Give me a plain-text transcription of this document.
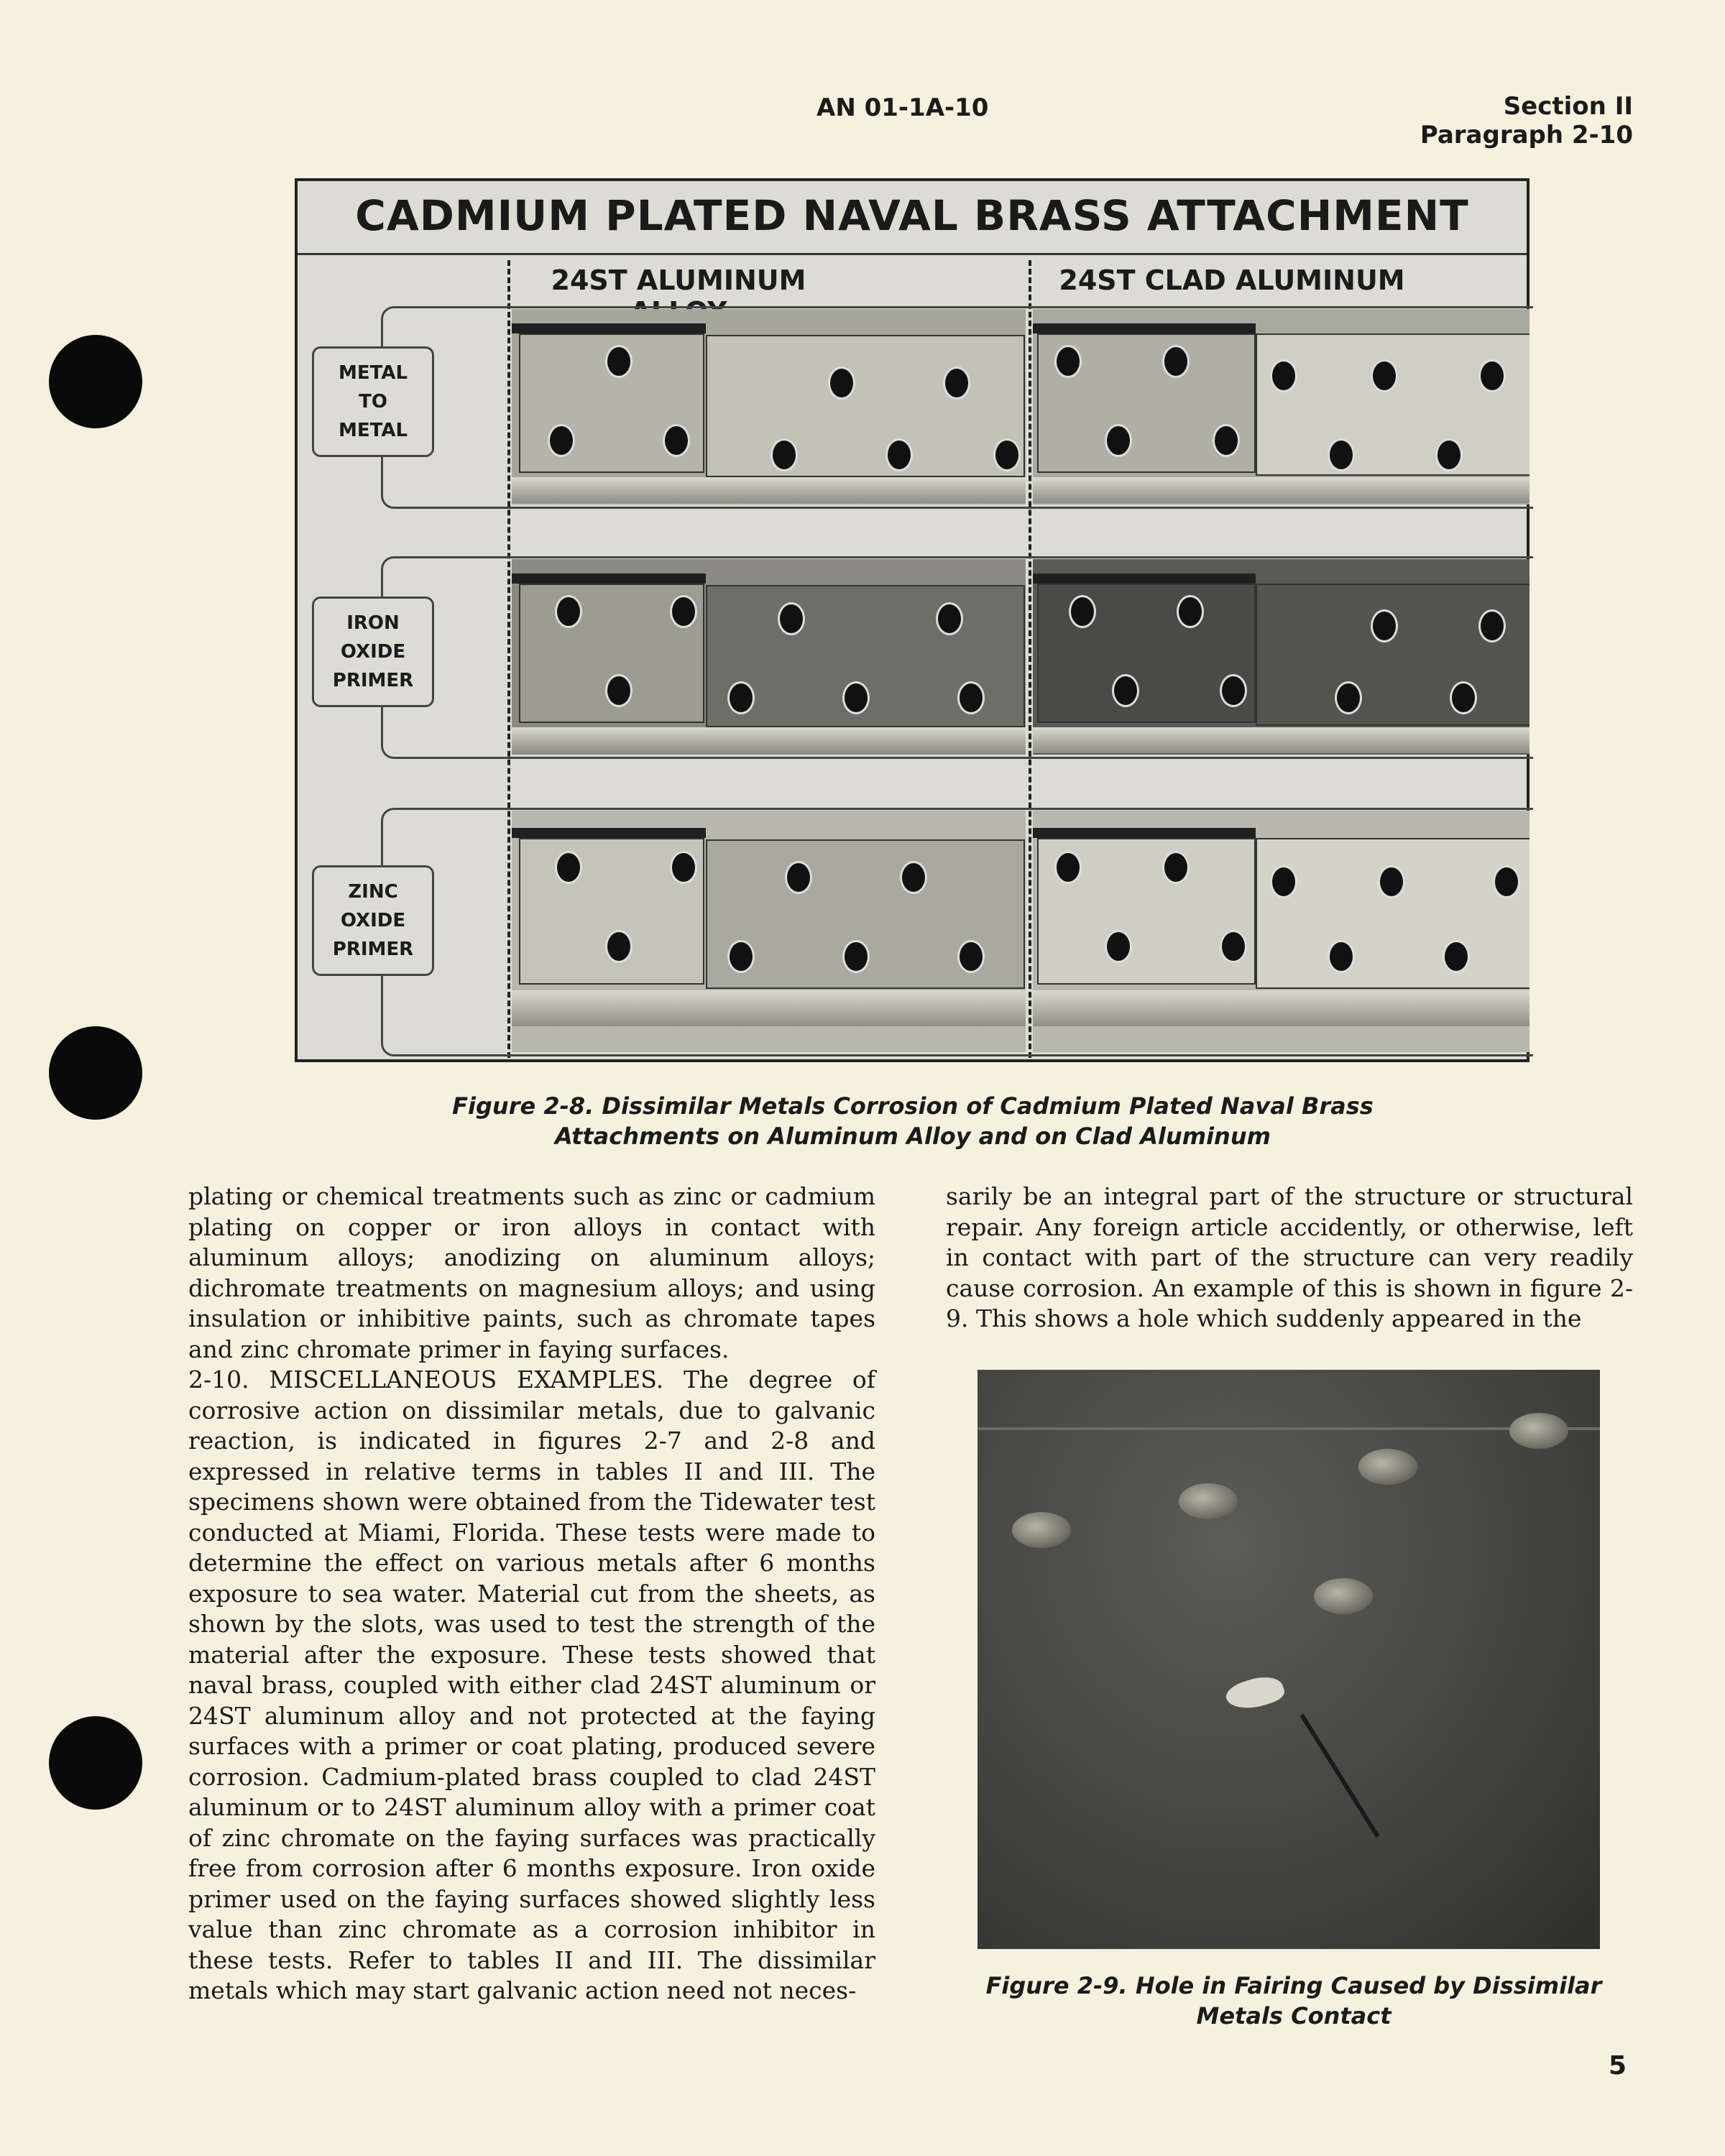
AN 01-1A-10	Section II
Paragraph 2-10
CADMIUM PLATED NAVAL BRASS ATTACHMENT
24ST ALUMINUM	24ST CLAD ALUMINUM
METAL
TO
METAL
IRON
OXIDE
PRIMER
ZINC
OXIDE
PRIMER
Figure 2-8. Dissimilar Metals Corrosion of Cadmium Plated Naval Brass
Attachments on Aluminum Alloy and on Clad Aluminum

plating or chemical treatments such as zinc or cadmium plating on copper or iron alloys in contact with aluminum alloys; anodizing on aluminum alloys; dichromate treatments on magnesium alloys; and using insulation or inhibitive paints, such as chromate tapes and zinc chromate primer in faying surfaces.

2-10. MISCELLANEOUS EXAMPLES. The degree of corrosive action on dissimilar metals, due to galvanic reaction, is indicated in figures 2-7 and 2-8 and expressed in relative terms in tables II and III. The specimens shown were obtained from the Tidewater test conducted at Miami, Florida. These tests were made to determine the effect on various metals after 6 months exposure to sea water. Material cut from the sheets, as shown by the slots, was used to test the strength of the material after the exposure. These tests showed that naval brass, coupled with either clad 24ST aluminum or 24ST aluminum alloy and not protected at the faying surfaces with a primer or coat plating, produced severe corrosion. Cadmium-plated brass coupled to clad 24ST aluminum or to 24ST aluminum alloy with a primer coat of zinc chromate on the faying surfaces was practically free from corrosion after 6 months exposure. Iron oxide primer used on the faying surfaces showed slightly less value than zinc chromate as a corrosion inhibitor in these tests. Refer to tables II and III. The dissimilar metals which may start galvanic action need not neces-

sarily be an integral part of the structure or structural repair. Any foreign article accidently, or otherwise, left in contact with part of the structure can very readily cause corrosion. An example of this is shown in figure 2-9. This shows a hole which suddenly appeared in the

Figure 2-9. Hole in Fairing Caused by Dissimilar
Metals Contact
5
